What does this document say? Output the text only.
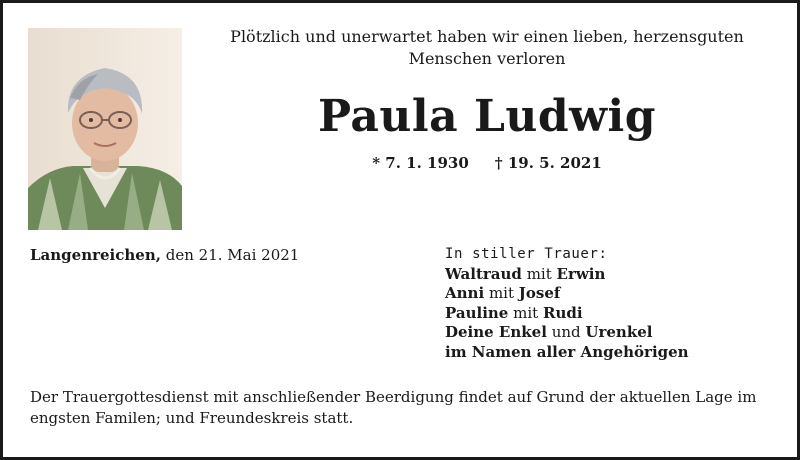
Plötzlich und unerwartet haben wir einen lieben, herzensguten Menschen verloren
Paula Ludwig
* 7. 1. 1930 † 19. 5. 2021
Langenreichen, den 21. Mai 2021	In stiller Trauer:
Waltraud mit Erwin
Anni mit Josef
Pauline mit Rudi
Deine Enkel und Urenkel
im Namen aller Angehörigen
Der Trauergottesdienst mit anschließender Beerdigung findet auf Grund der aktuellen Lage im engsten Familen; und Freundeskreis statt.
